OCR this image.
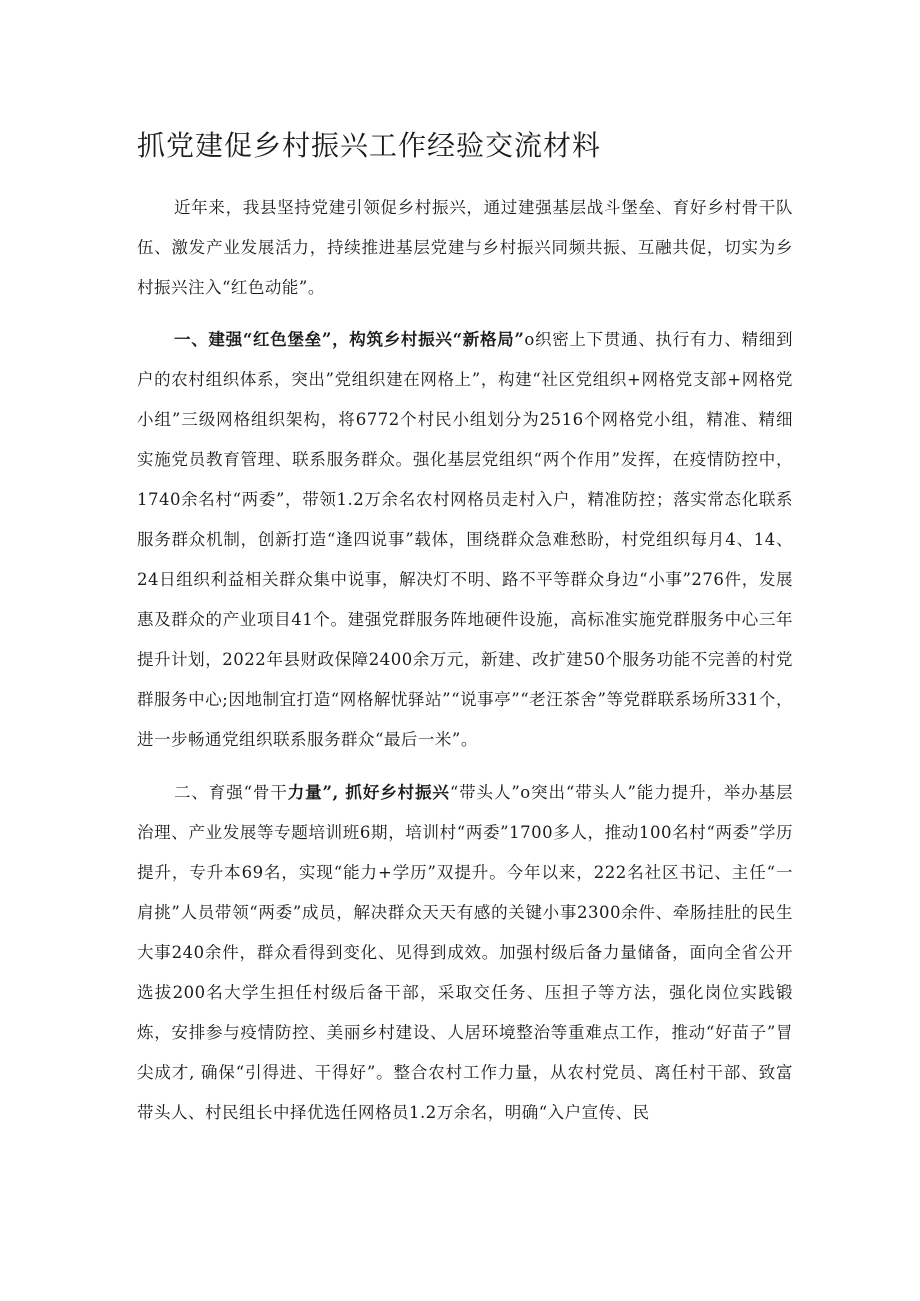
抓党建促乡村振兴工作经验交流材料

近年来，我县坚持党建引领促乡村振兴，通过建强基层战斗堡垒、育好乡村骨干队伍、激发产业发展活力，持续推进基层党建与乡村振兴同频共振、互融共促，切实为乡村振兴注入“红色动能”。

一、建强“红色堡垒”，构筑乡村振兴“新格局”o织密上下贯通、执行有力、精细到户的农村组织体系，突出”党组织建在网格上”，构建“社区党组织+网格党支部+网格党小组”三级网格组织架构，将6772个村民小组划分为2516个网格党小组，精准、精细实施党员教育管理、联系服务群众。强化基层党组织“两个作用”发挥，在疫情防控中，1740余名村“两委”，带领1.2万余名农村网格员走村入户，精准防控；落实常态化联系服务群众机制，创新打造“逢四说事”载体，围绕群众急难愁盼，村党组织每月4、14、24日组织利益相关群众集中说事，解决灯不明、路不平等群众身边“小事”276件，发展惠及群众的产业项目41个。建强党群服务阵地硬件设施，高标准实施党群服务中心三年提升计划，2022年县财政保障2400余万元，新建、改扩建50个服务功能不完善的村党群服务中心;因地制宜打造“网格解忧驿站”“说事亭”“老汪茶舍”等党群联系场所331个，进一步畅通党组织联系服务群众“最后一米”。

二、育强“骨干力量”, 抓好乡村振兴“带头人”o突出“带头人”能力提升，举办基层治理、产业发展等专题培训班6期，培训村“两委”1700多人，推动100名村“两委”学历提升，专升本69名，实现“能力+学历”双提升。今年以来，222名社区书记、主任“一肩挑”人员带领“两委”成员，解决群众天天有感的关键小事2300余件、牵肠挂肚的民生大事240余件，群众看得到变化、见得到成效。加强村级后备力量储备，面向全省公开选拔200名大学生担任村级后备干部，采取交任务、压担子等方法，强化岗位实践锻炼，安排参与疫情防控、美丽乡村建设、人居环境整治等重难点工作，推动“好苗子”冒尖成才, 确保“引得进、干得好”。整合农村工作力量，从农村党员、离任村干部、致富带头人、村民组长中择优选任网格员1.2万余名，明确“入户宣传、民
